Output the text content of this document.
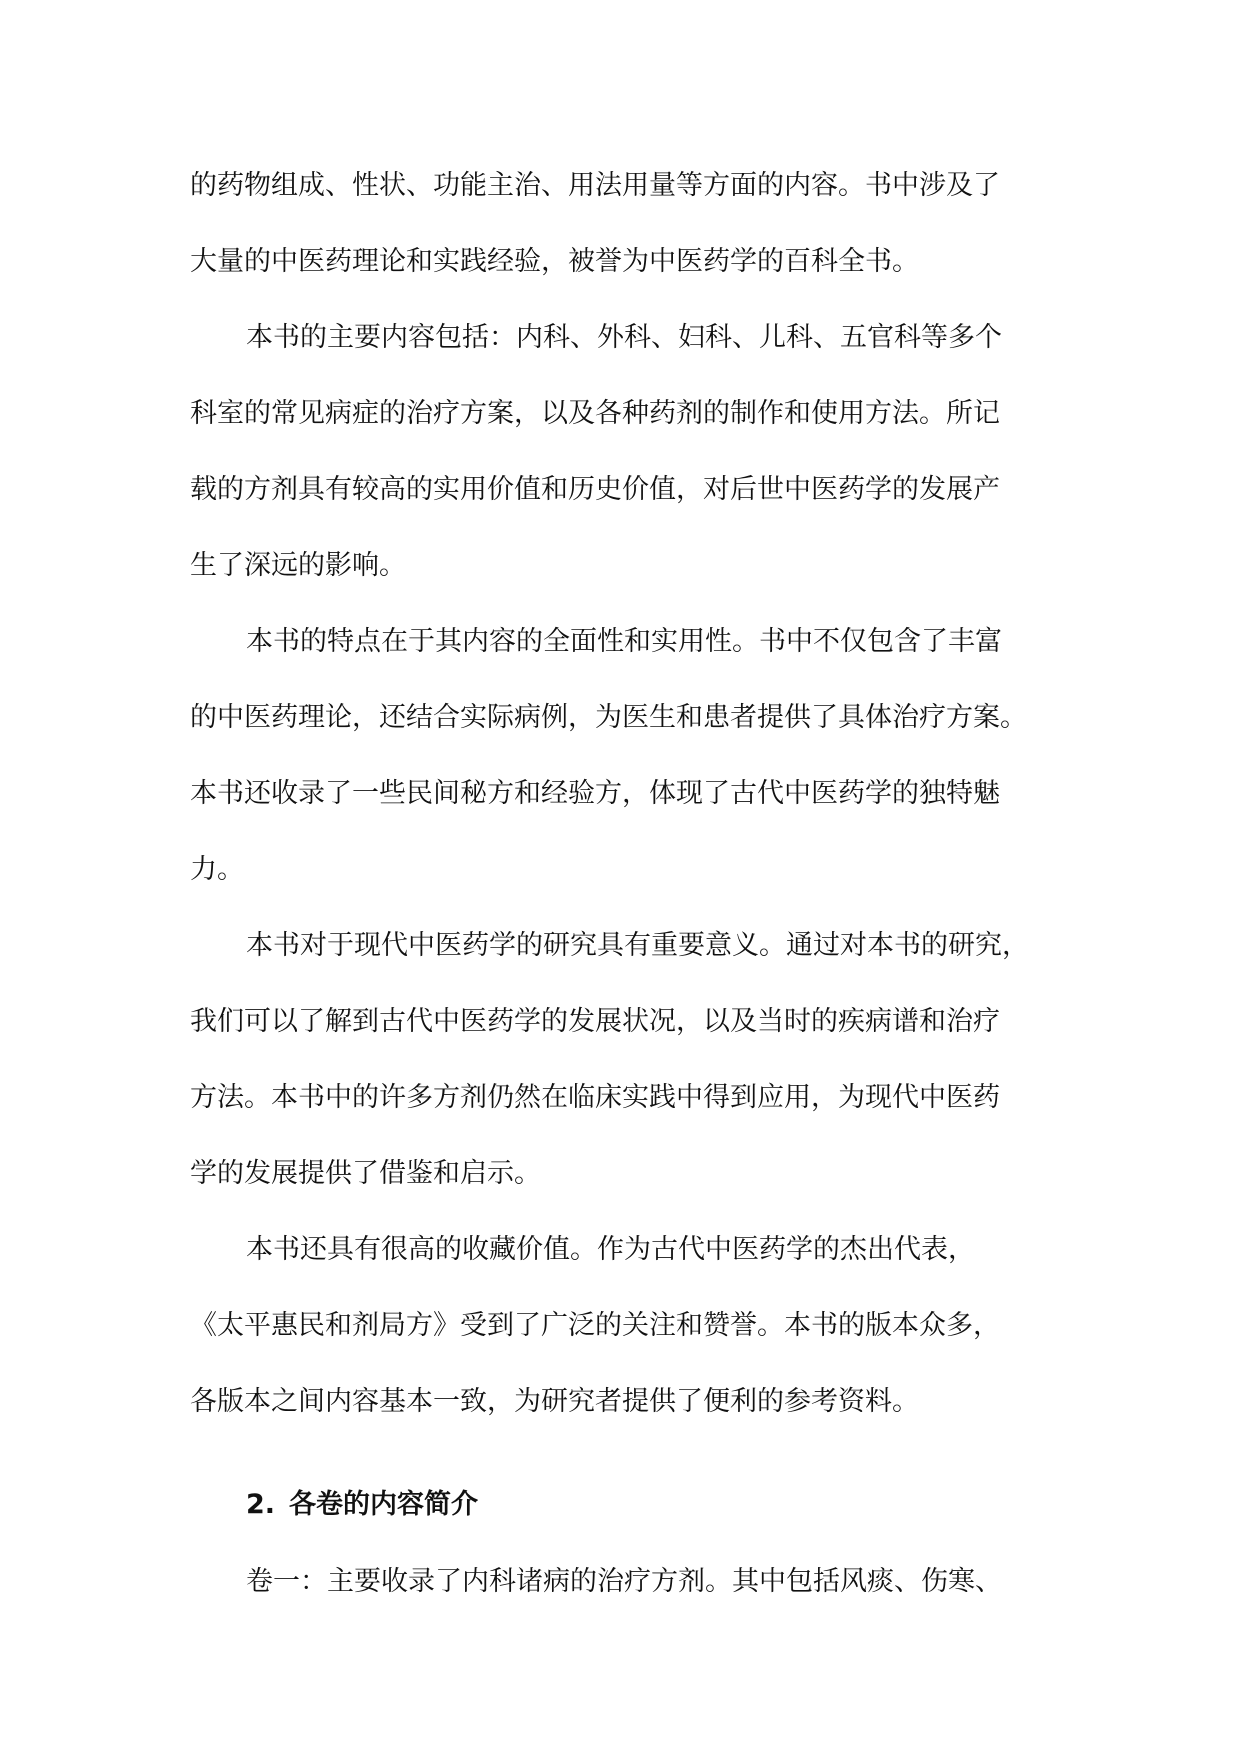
的药物组成、性状、功能主治、用法用量等方面的内容。书中涉及了
大量的中医药理论和实践经验，被誉为中医药学的百科全书。

本书的主要内容包括：内科、外科、妇科、儿科、五官科等多个
科室的常见病症的治疗方案，以及各种药剂的制作和使用方法。所记
载的方剂具有较高的实用价值和历史价值，对后世中医药学的发展产
生了深远的影响。

本书的特点在于其内容的全面性和实用性。书中不仅包含了丰富
的中医药理论，还结合实际病例，为医生和患者提供了具体治疗方案。
本书还收录了一些民间秘方和经验方，体现了古代中医药学的独特魅
力。

本书对于现代中医药学的研究具有重要意义。通过对本书的研究，
我们可以了解到古代中医药学的发展状况，以及当时的疾病谱和治疗
方法。本书中的许多方剂仍然在临床实践中得到应用，为现代中医药
学的发展提供了借鉴和启示。

本书还具有很高的收藏价值。作为古代中医药学的杰出代表，
《太平惠民和剂局方》受到了广泛的关注和赞誉。本书的版本众多，
各版本之间内容基本一致，为研究者提供了便利的参考资料。

2. 各卷的内容简介

卷一：主要收录了内科诸病的治疗方剂。其中包括风痰、伤寒、
